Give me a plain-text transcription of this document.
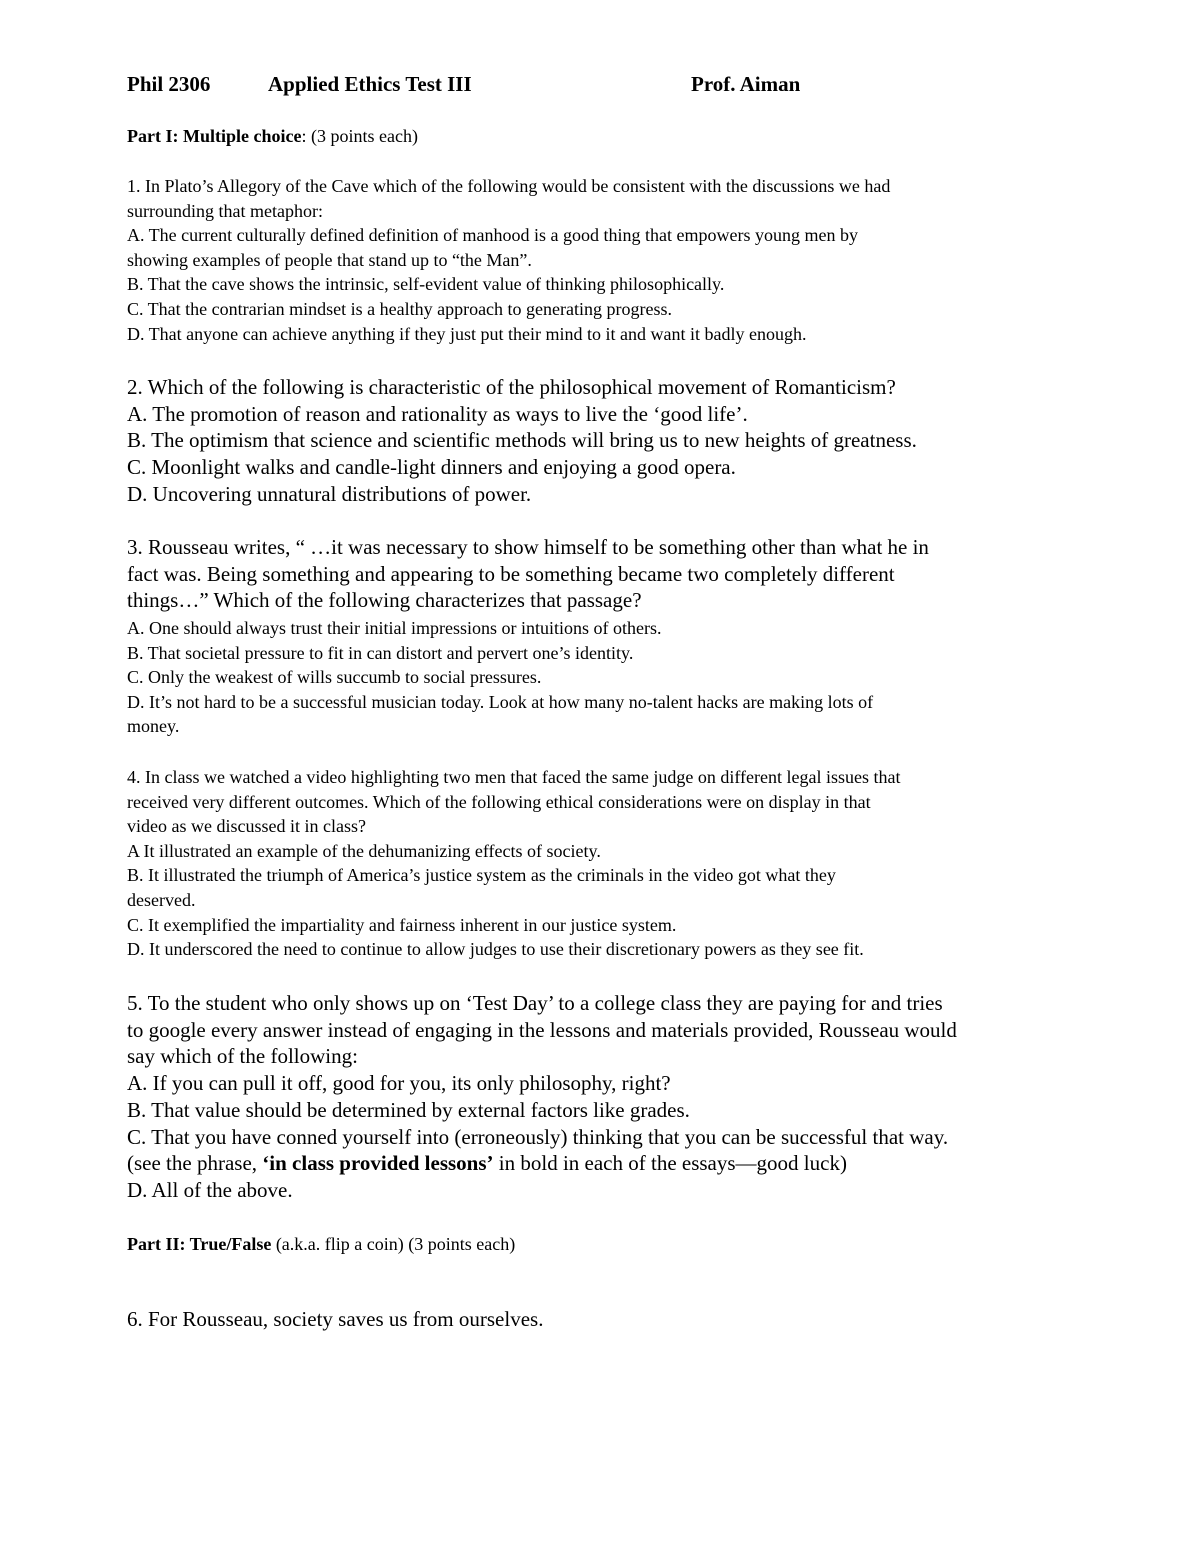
Phil 2306	Applied Ethics Test III	Prof. Aiman
Part I: Multiple choice: (3 points each)
1. In Plato’s Allegory of the Cave which of the following would be consistent with the discussions we had
surrounding that metaphor:
A. The current culturally defined definition of manhood is a good thing that empowers young men by
showing examples of people that stand up to “the Man”.
B. That the cave shows the intrinsic, self-evident value of thinking philosophically.
C. That the contrarian mindset is a healthy approach to generating progress.
D. That anyone can achieve anything if they just put their mind to it and want it badly enough.
2. Which of the following is characteristic of the philosophical movement of Romanticism?
A. The promotion of reason and rationality as ways to live the ‘good life’.
B. The optimism that science and scientific methods will bring us to new heights of greatness.
C. Moonlight walks and candle-light dinners and enjoying a good opera.
D. Uncovering unnatural distributions of power.
3. Rousseau writes, “ …it was necessary to show himself to be something other than what he in
fact was. Being something and appearing to be something became two completely different
things…” Which of the following characterizes that passage?
A. One should always trust their initial impressions or intuitions of others.
B. That societal pressure to fit in can distort and pervert one’s identity.
C. Only the weakest of wills succumb to social pressures.
D. It’s not hard to be a successful musician today. Look at how many no-talent hacks are making lots of
money.
4. In class we watched a video highlighting two men that faced the same judge on different legal issues that
received very different outcomes. Which of the following ethical considerations were on display in that
video as we discussed it in class?
A It illustrated an example of the dehumanizing effects of society.
B. It illustrated the triumph of America’s justice system as the criminals in the video got what they
deserved.
C. It exemplified the impartiality and fairness inherent in our justice system.
D. It underscored the need to continue to allow judges to use their discretionary powers as they see fit.
5. To the student who only shows up on ‘Test Day’ to a college class they are paying for and tries
to google every answer instead of engaging in the lessons and materials provided, Rousseau would
say which of the following:
A. If you can pull it off, good for you, its only philosophy, right?
B. That value should be determined by external factors like grades.
C. That you have conned yourself into (erroneously) thinking that you can be successful that way.
(see the phrase, ‘in class provided lessons’ in bold in each of the essays—good luck)
D. All of the above.
Part II: True/False (a.k.a. flip a coin) (3 points each)
6. For Rousseau, society saves us from ourselves.
